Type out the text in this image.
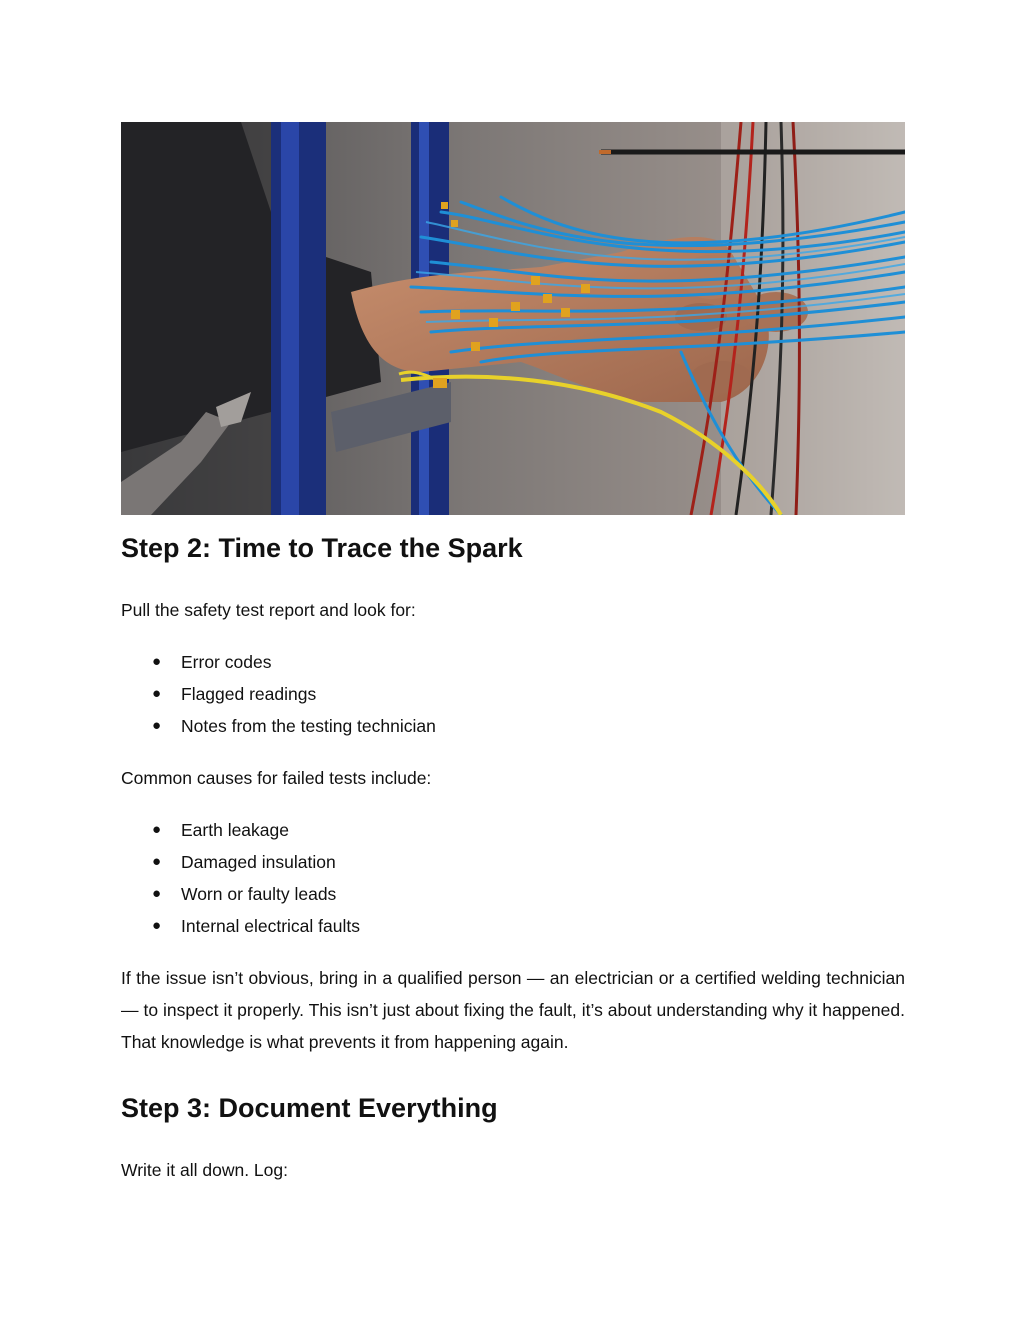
Step 2: Time to Trace the Spark

Pull the safety test report and look for:

● Error codes
● Flagged readings
● Notes from the testing technician

Common causes for failed tests include:

● Earth leakage
● Damaged insulation
● Worn or faulty leads
● Internal electrical faults

If the issue isn’t obvious, bring in a qualified person — an electrician or a certified welding technician — to inspect it properly. This isn’t just about fixing the fault, it’s about understanding why it happened. That knowledge is what prevents it from happening again.

Step 3: Document Everything

Write it all down. Log:
